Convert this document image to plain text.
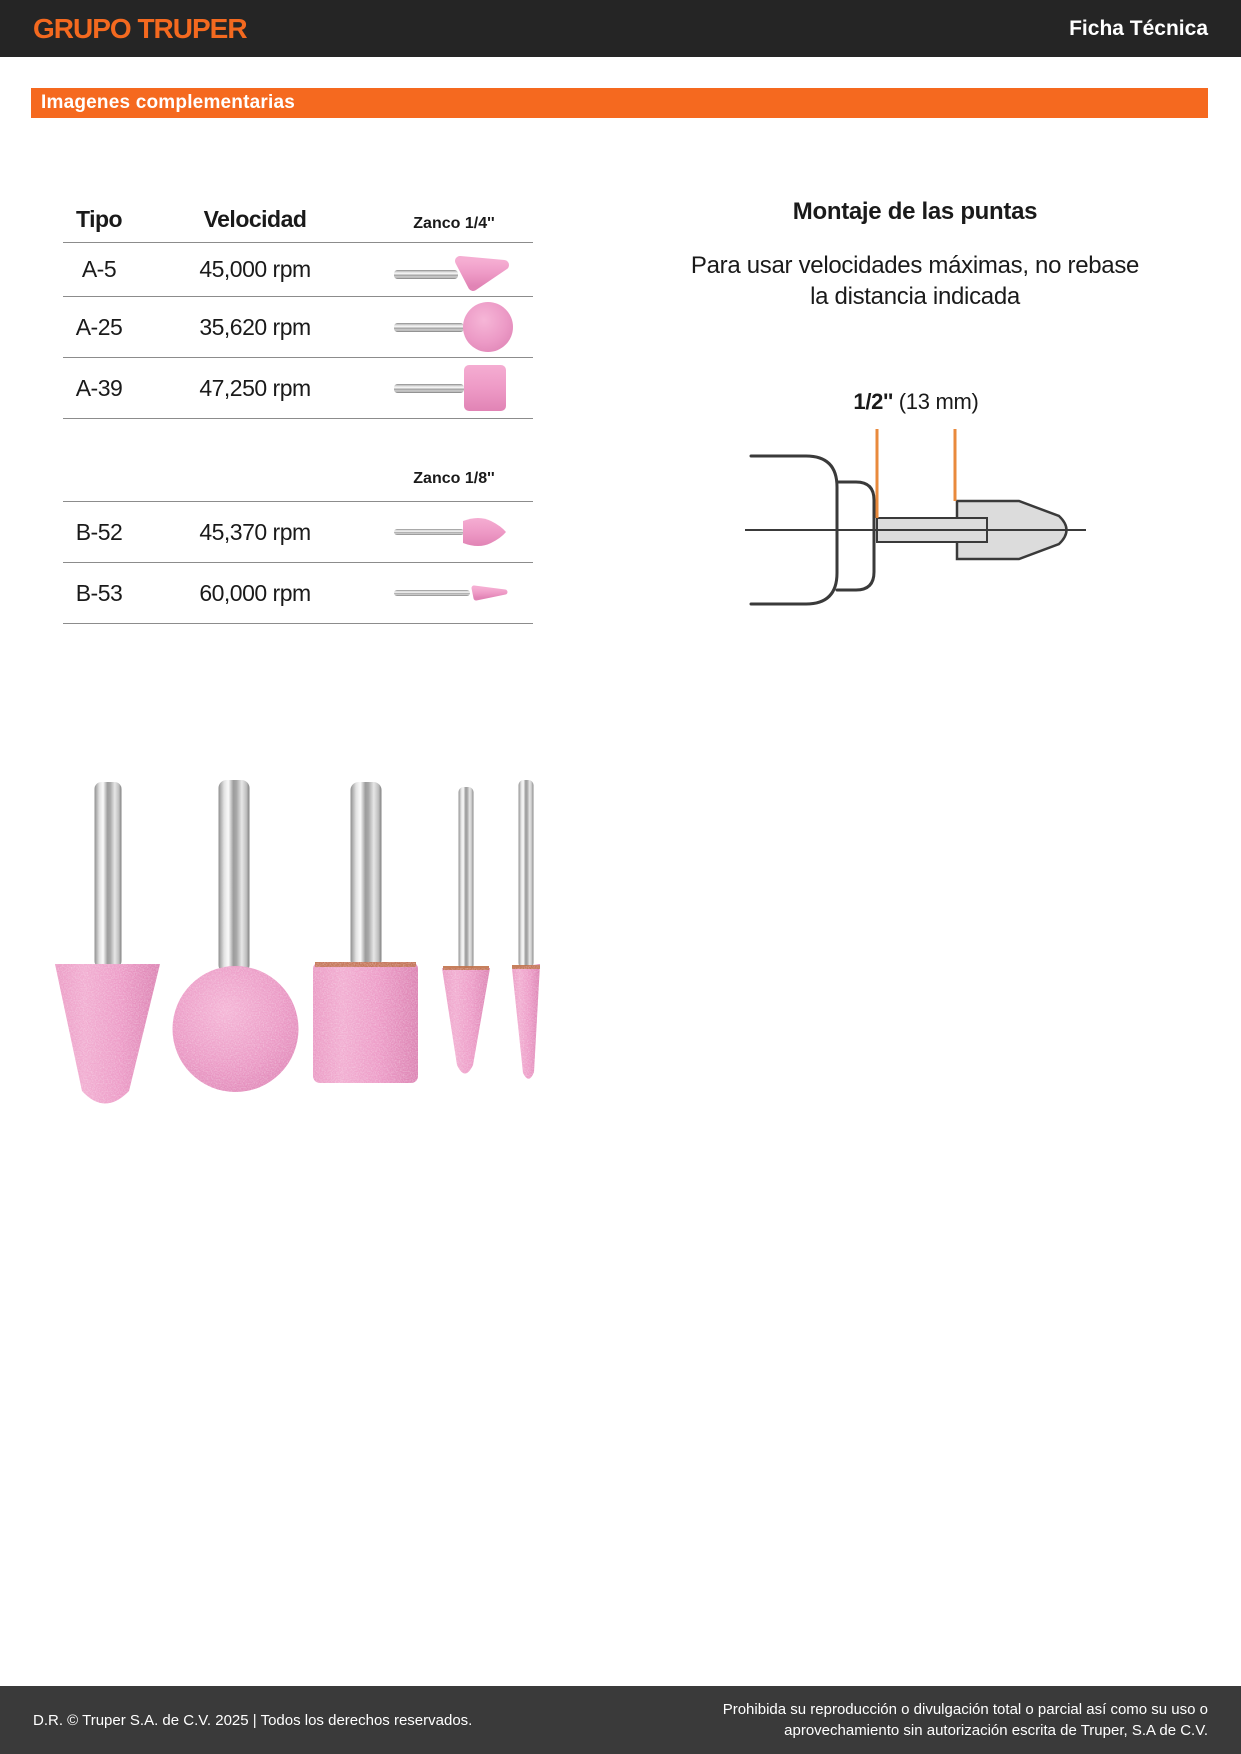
GRUPO TRUPER	Ficha Técnica
Imagenes complementarias
Tipo	Velocidad	Zanco 1/4''
A-5	45,000 rpm
A-25	35,620 rpm
A-39	47,250 rpm
Zanco 1/8''
B-52	45,370 rpm
B-53	60,000 rpm
Montaje de las puntas
Para usar velocidades máximas, no rebase
la distancia indicada
1/2'' (13 mm)
D.R. © Truper S.A. de C.V. 2025 | Todos los derechos reservados.
Prohibida su reproducción o divulgación total o parcial así como su uso o
aprovechamiento sin autorización escrita de Truper, S.A de C.V.
